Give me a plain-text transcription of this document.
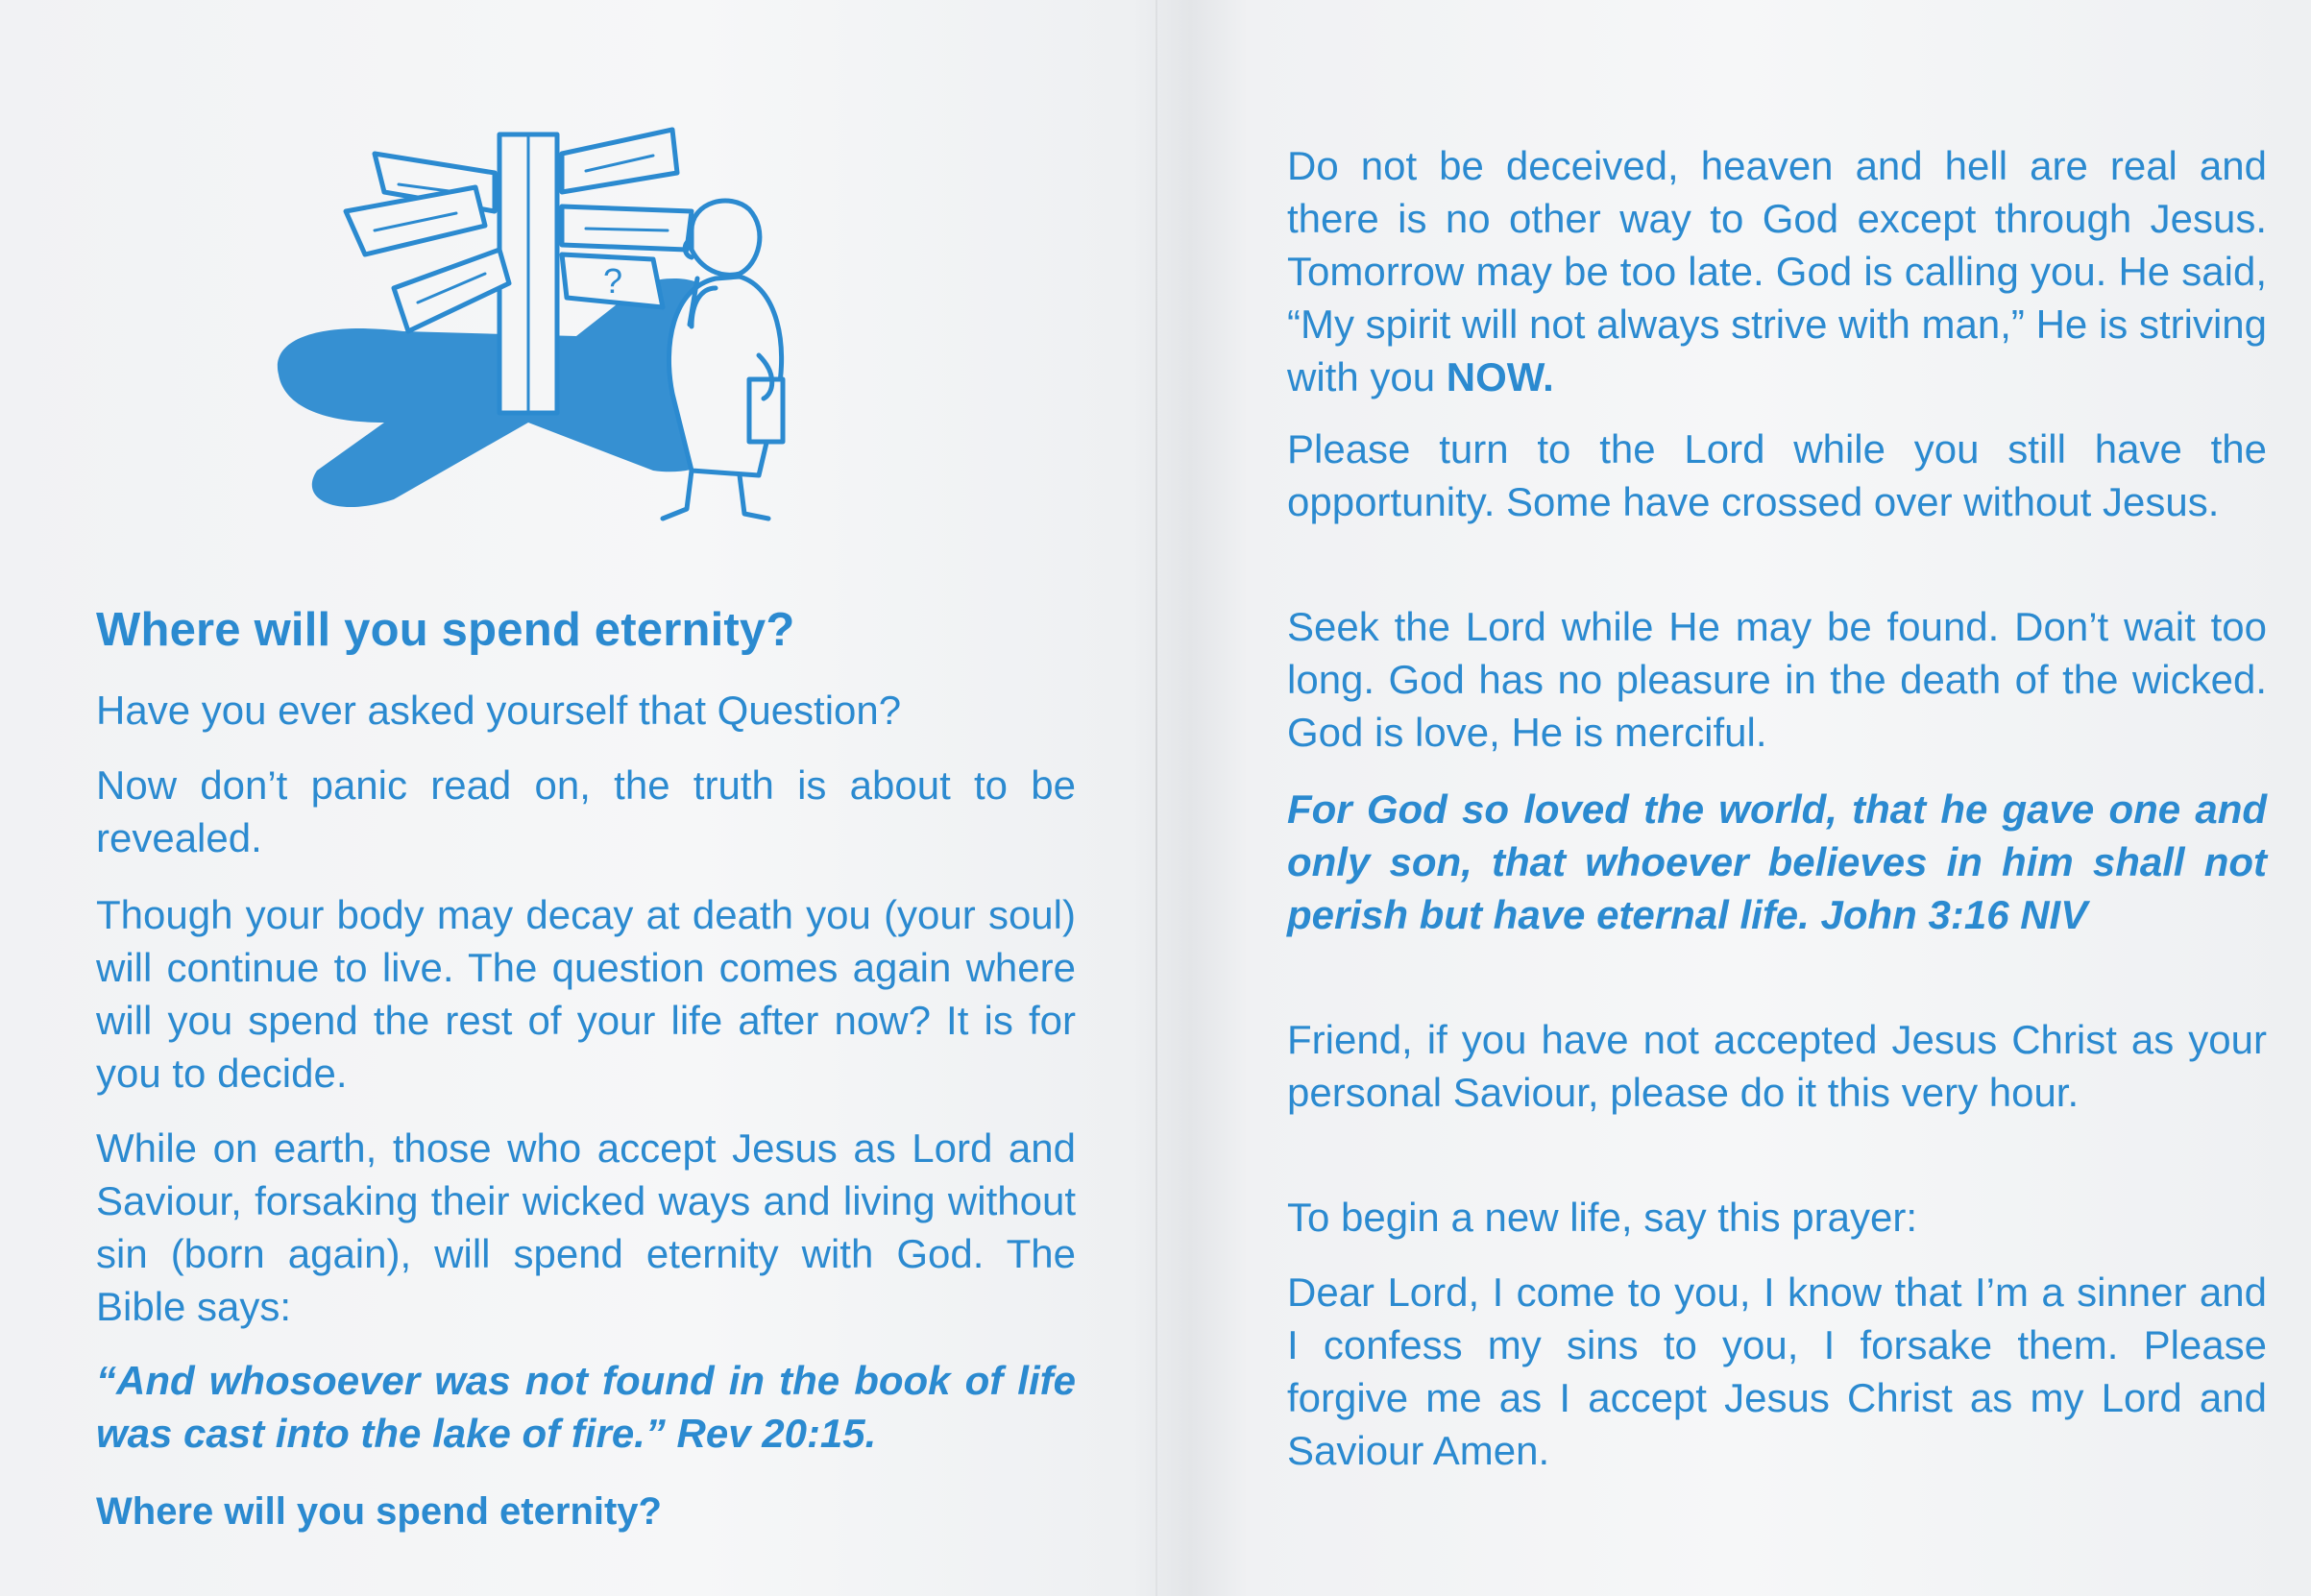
?
Where will you spend eternity?

Have you ever asked yourself that Question?

Now don’t panic read on, the truth is about to be revealed.

Though your body may decay at death you (your soul) will continue to live. The question comes again where will you spend the rest of your life after now? It is for you to decide.

While on earth, those who accept Jesus as Lord and Saviour, forsaking their wicked ways and living without sin (born again), will spend eternity with God. The Bible says:

“And whosoever was not found in the book of life was cast into the lake of fire.” Rev 20:15.

Where will you spend eternity?

Do not be deceived, heaven and hell are real and there is no other way to God except through Jesus. Tomorrow may be too late. God is calling you. He said, “My spirit will not always strive with man,” He is striving with you NOW.

Please turn to the Lord while you still have the opportunity. Some have crossed over without Jesus.

Seek the Lord while He may be found. Don’t wait too long. God has no pleasure in the death of the wicked. God is love, He is merciful.

For God so loved the world, that he gave one and only son, that whoever believes in him shall not perish but have eternal life. John 3:16 NIV

Friend, if you have not accepted Jesus Christ as your personal Saviour, please do it this very hour.

To begin a new life, say this prayer:

Dear Lord, I come to you, I know that I’m a sinner and I confess my sins to you, I forsake them. Please forgive me as I accept Jesus Christ as my Lord and Saviour Amen.
